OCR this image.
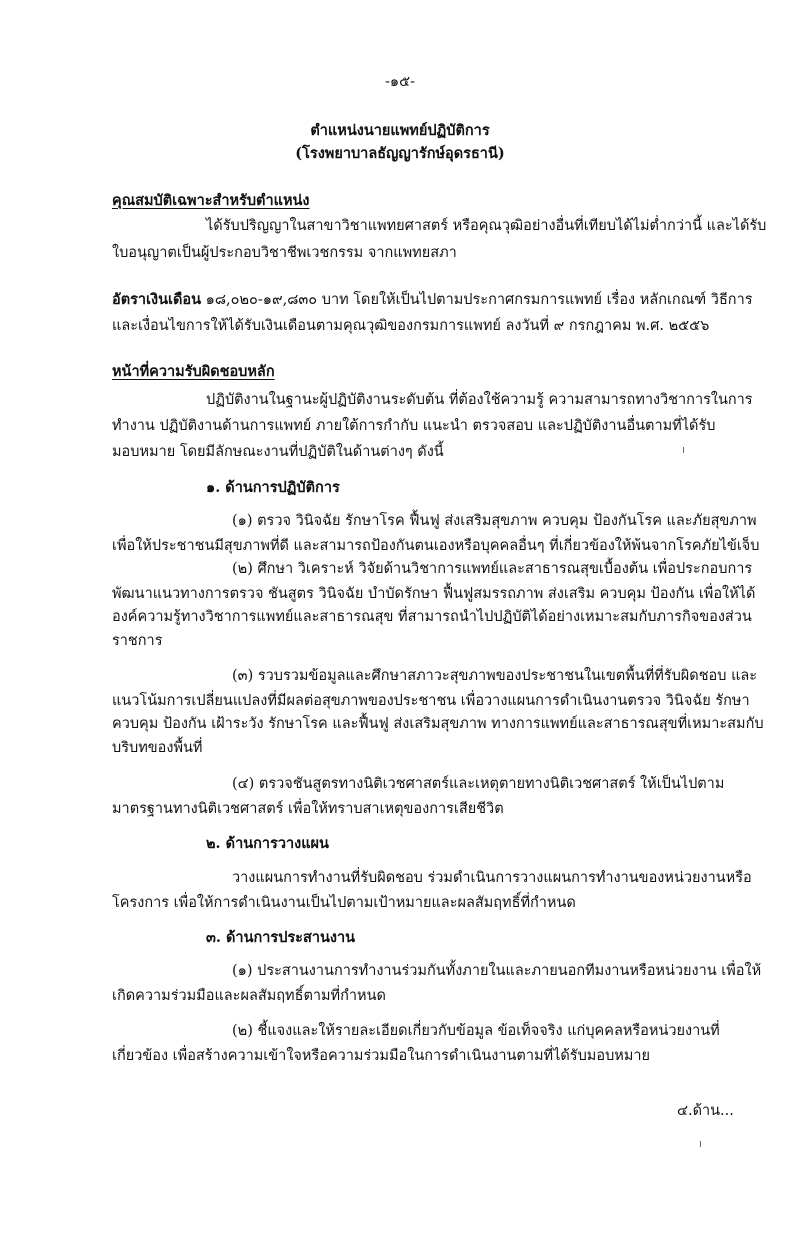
-๑๕-
ตำแหน่งนายแพทย์ปฏิบัติการ
(โรงพยาบาลธัญญารักษ์อุดรธานี)
คุณสมบัติเฉพาะสำหรับตำแหน่ง
ได้รับปริญญาในสาขาวิชาแพทยศาสตร์ หรือคุณวุฒิอย่างอื่นที่เทียบได้ไม่ต่ำกว่านี้ และได้รับ
ใบอนุญาตเป็นผู้ประกอบวิชาชีพเวชกรรม จากแพทยสภา
อัตราเงินเดือน ๑๘,๐๒๐-๑๙,๘๓๐ บาท โดยให้เป็นไปตามประกาศกรมการแพทย์ เรื่อง หลักเกณฑ์ วิธีการ
และเงื่อนไขการให้ได้รับเงินเดือนตามคุณวุฒิของกรมการแพทย์ ลงวันที่ ๙ กรกฎาคม พ.ศ. ๒๕๕๖
หน้าที่ความรับผิดชอบหลัก
ปฏิบัติงานในฐานะผู้ปฏิบัติงานระดับต้น ที่ต้องใช้ความรู้ ความสามารถทางวิชาการในการ
ทำงาน ปฏิบัติงานด้านการแพทย์ ภายใต้การกำกับ แนะนำ ตรวจสอบ และปฏิบัติงานอื่นตามที่ได้รับ
มอบหมาย โดยมีลักษณะงานที่ปฏิบัติในด้านต่างๆ ดังนี้
๑. ด้านการปฏิบัติการ
(๑) ตรวจ วินิจฉัย รักษาโรค ฟื้นฟู ส่งเสริมสุขภาพ ควบคุม ป้องกันโรค และภัยสุขภาพ
เพื่อให้ประชาชนมีสุขภาพที่ดี และสามารถป้องกันตนเองหรือบุคคลอื่นๆ ที่เกี่ยวข้องให้พ้นจากโรคภัยไข้เจ็บ
(๒) ศึกษา วิเคราะห์ วิจัยด้านวิชาการแพทย์และสาธารณสุขเบื้องต้น เพื่อประกอบการ
พัฒนาแนวทางการตรวจ ชันสูตร วินิจฉัย บำบัดรักษา ฟื้นฟูสมรรถภาพ ส่งเสริม ควบคุม ป้องกัน เพื่อให้ได้
องค์ความรู้ทางวิชาการแพทย์และสาธารณสุข ที่สามารถนำไปปฏิบัติได้อย่างเหมาะสมกับภารกิจของส่วน
ราชการ
(๓) รวบรวมข้อมูลและศึกษาสภาวะสุขภาพของประชาชนในเขตพื้นที่ที่รับผิดชอบ และ
แนวโน้มการเปลี่ยนแปลงที่มีผลต่อสุขภาพของประชาชน เพื่อวางแผนการดำเนินงานตรวจ วินิจฉัย รักษา
ควบคุม ป้องกัน เฝ้าระวัง รักษาโรค และฟื้นฟู ส่งเสริมสุขภาพ ทางการแพทย์และสาธารณสุขที่เหมาะสมกับ
บริบทของพื้นที่
(๔) ตรวจชันสูตรทางนิติเวชศาสตร์และเหตุตายทางนิติเวชศาสตร์ ให้เป็นไปตาม
มาตรฐานทางนิติเวชศาสตร์ เพื่อให้ทราบสาเหตุของการเสียชีวิต
๒. ด้านการวางแผน
วางแผนการทำงานที่รับผิดชอบ ร่วมดำเนินการวางแผนการทำงานของหน่วยงานหรือ
โครงการ เพื่อให้การดำเนินงานเป็นไปตามเป้าหมายและผลสัมฤทธิ์ที่กำหนด
๓. ด้านการประสานงาน
(๑) ประสานงานการทำงานร่วมกันทั้งภายในและภายนอกทีมงานหรือหน่วยงาน เพื่อให้
เกิดความร่วมมือและผลสัมฤทธิ์ตามที่กำหนด
(๒) ชี้แจงและให้รายละเอียดเกี่ยวกับข้อมูล ข้อเท็จจริง แก่บุคคลหรือหน่วยงานที่
เกี่ยวข้อง เพื่อสร้างความเข้าใจหรือความร่วมมือในการดำเนินงานตามที่ได้รับมอบหมาย
๔.ด้าน...
